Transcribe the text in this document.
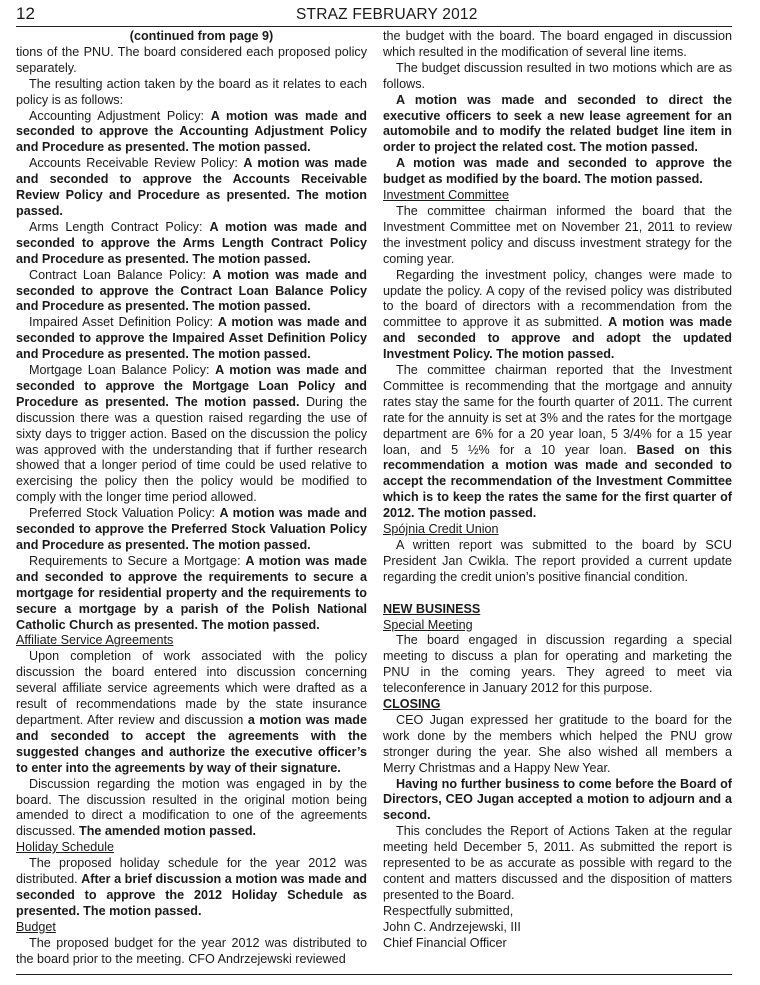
12	STRAZ FEBRUARY 2012

(continued from page 9)

tions of the PNU. The board considered each proposed policy separately.

The resulting action taken by the board as it relates to each policy is as follows:

Accounting Adjustment Policy: A motion was made and seconded to approve the Accounting Adjustment Policy and Procedure as presented. The motion passed.

Accounts Receivable Review Policy: A motion was made and seconded to approve the Accounts Receivable Review Policy and Procedure as presented. The motion passed.

Arms Length Contract Policy: A motion was made and seconded to approve the Arms Length Contract Policy and Procedure as presented. The motion passed.

Contract Loan Balance Policy: A motion was made and seconded to approve the Contract Loan Balance Policy and Procedure as presented. The motion passed.

Impaired Asset Definition Policy: A motion was made and seconded to approve the Impaired Asset Definition Policy and Procedure as presented. The motion passed.

Mortgage Loan Balance Policy: A motion was made and seconded to approve the Mortgage Loan Policy and Procedure as presented. The motion passed. During the discussion there was a question raised regarding the use of sixty days to trigger action. Based on the discussion the policy was approved with the understanding that if further research showed that a longer period of time could be used relative to exercising the policy then the policy would be modified to comply with the longer time period allowed.

Preferred Stock Valuation Policy: A motion was made and seconded to approve the Preferred Stock Valuation Policy and Procedure as presented. The motion passed.

Requirements to Secure a Mortgage: A motion was made and seconded to approve the requirements to secure a mortgage for residential property and the requirements to secure a mortgage by a parish of the Polish National Catholic Church as presented. The motion passed.

Affiliate Service Agreements

Upon completion of work associated with the policy discussion the board entered into discussion concerning several affiliate service agreements which were drafted as a result of recommendations made by the state insurance department. After review and discussion a motion was made and seconded to accept the agreements with the suggested changes and authorize the executive officer’s to enter into the agreements by way of their signature.

Discussion regarding the motion was engaged in by the board. The discussion resulted in the original motion being amended to direct a modification to one of the agreements discussed. The amended motion passed.

Holiday Schedule

The proposed holiday schedule for the year 2012 was distributed. After a brief discussion a motion was made and seconded to approve the 2012 Holiday Schedule as presented. The motion passed.

Budget

The proposed budget for the year 2012 was distributed to the board prior to the meeting. CFO Andrzejewski reviewed

the budget with the board. The board engaged in discussion which resulted in the modification of several line items.

The budget discussion resulted in two motions which are as follows.

A motion was made and seconded to direct the executive officers to seek a new lease agreement for an automobile and to modify the related budget line item in order to project the related cost. The motion passed.

A motion was made and seconded to approve the budget as modified by the board. The motion passed.

Investment Committee

The committee chairman informed the board that the Investment Committee met on November 21, 2011 to review the investment policy and discuss investment strategy for the coming year.

Regarding the investment policy, changes were made to update the policy. A copy of the revised policy was distributed to the board of directors with a recommendation from the committee to approve it as submitted. A motion was made and seconded to approve and adopt the updated Investment Policy. The motion passed.

The committee chairman reported that the Investment Committee is recommending that the mortgage and annuity rates stay the same for the fourth quarter of 2011. The current rate for the annuity is set at 3% and the rates for the mortgage department are 6% for a 20 year loan, 5 3/4% for a 15 year loan, and 5 ½% for a 10 year loan. Based on this recommendation a motion was made and seconded to accept the recommendation of the Investment Committee which is to keep the rates the same for the first quarter of 2012. The motion passed.

Spójnia Credit Union

A written report was submitted to the board by SCU President Jan Cwikla. The report provided a current update regarding the credit union’s positive financial condition.

NEW BUSINESS

Special Meeting

The board engaged in discussion regarding a special meeting to discuss a plan for operating and marketing the PNU in the coming years. They agreed to meet via teleconference in January 2012 for this purpose.

CLOSING

CEO Jugan expressed her gratitude to the board for the work done by the members which helped the PNU grow stronger during the year. She also wished all members a Merry Christmas and a Happy New Year.

Having no further business to come before the Board of Directors, CEO Jugan accepted a motion to adjourn and a second.

This concludes the Report of Actions Taken at the regular meeting held December 5, 2011. As submitted the report is represented to be as accurate as possible with regard to the content and matters discussed and the disposition of matters presented to the Board.

Respectfully submitted,

John C. Andrzejewski, III

Chief Financial Officer
